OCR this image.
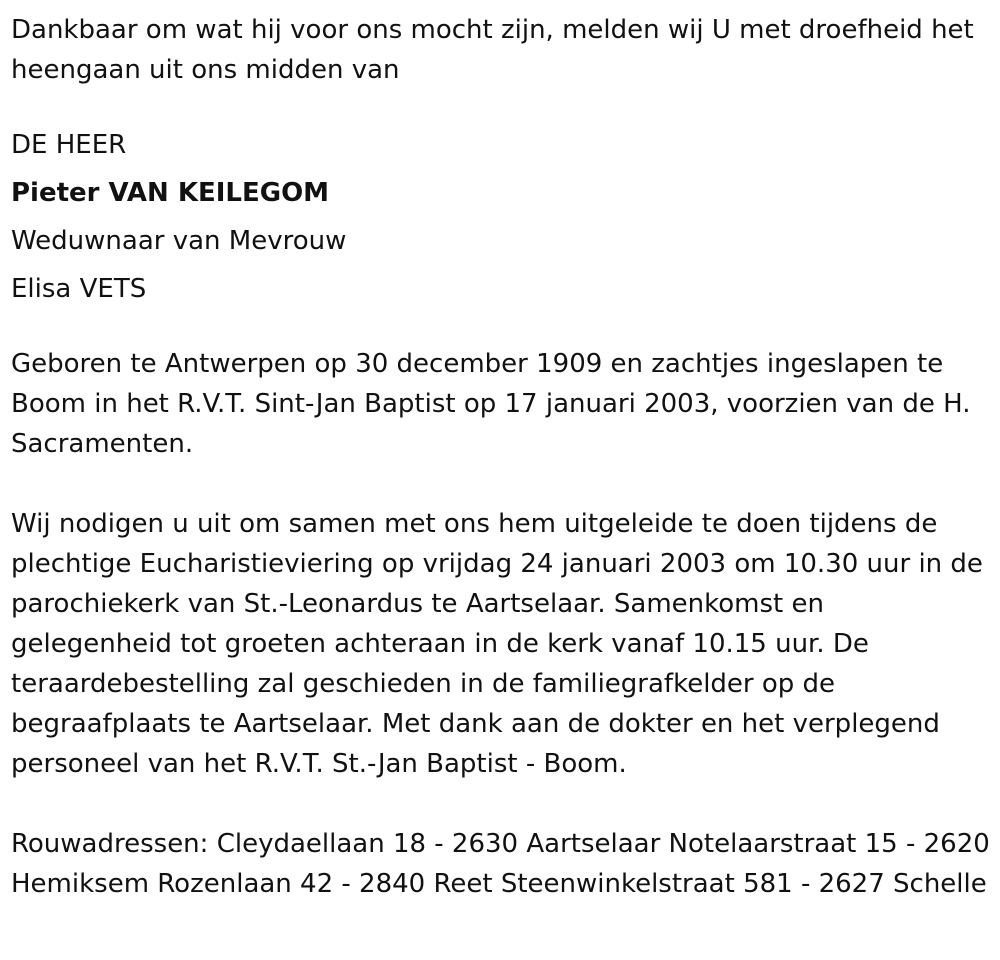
Dankbaar om wat hij voor ons mocht zijn, melden wij U met droefheid het heengaan uit ons midden van

DE HEER

Pieter VAN KEILEGOM

Weduwnaar van Mevrouw

Elisa VETS

Geboren te Antwerpen op 30 december 1909 en zachtjes ingeslapen te Boom in het R.V.T. Sint-Jan Baptist op 17 januari 2003, voorzien van de H. Sacramenten.

Wij nodigen u uit om samen met ons hem uitgeleide te doen tijdens de plechtige Eucharistieviering op vrijdag 24 januari 2003 om 10.30 uur in de parochiekerk van St.-Leonardus te Aartselaar. Samenkomst en gelegenheid tot groeten achteraan in de kerk vanaf 10.15 uur. De teraardebestelling zal geschieden in de familiegrafkelder op de begraafplaats te Aartselaar. Met dank aan de dokter en het verplegend personeel van het R.V.T. St.-Jan Baptist - Boom.

Rouwadressen: Cleydaellaan 18 - 2630 Aartselaar Notelaarstraat 15 - 2620 Hemiksem Rozenlaan 42 - 2840 Reet Steenwinkelstraat 581 - 2627 Schelle
